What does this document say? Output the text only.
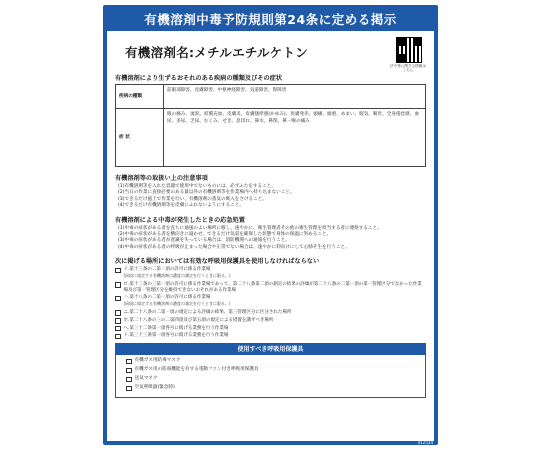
有機溶剤中毒予防規則第24条に定める掲示
有機溶剤名:メチルエチルケトン
法令等に関する情報はこちら
有機溶剤により生ずるおそれのある疾病の種類及びその症状
疾病の種類	前眼部障害、皮膚障害、中枢神経障害、気道障害、腎障害
症 状	眼の痛み、流涙、結膜充血、皮膚炎、皮膚搔痒感(かゆみ)、皮膚発赤、頭痛、頭重、めまい、眠気、嘔吐、全身倦怠感、血尿、多尿、乏尿、むくみ、せき、息切れ、鼻水、鼻閉、鼻・喉の痛み
有機溶剤等の取扱い上の注意事項
(1)有機溶剤等を入れた容器で使用中でないものには、必ずふたをすること。
(2)当日の作業に直接必要のある量以外の有機溶剤等を作業場内へ持ち込まないこと。
(3)できるだけ風上で作業を行い、有機溶剤の蒸気の吸入をさけること。
(4)できるだけ有機溶剤等を皮膚にふれないようにすること。
有機溶剤による中毒が発生したときの応急処置
(1)中毒の症状がある者を直ちに通風のよい場所に移し、速やかに、衛生管理者その他の衛生管理を担当する者に連絡すること。
(2)中毒の症状がある者を横向きに寝かせ、できるだけ気道を確保した状態で身体の保温に努めること。
(3)中毒の症状がある者が意識を失っている場合は、消防機関への通報を行うこと。
(4)中毒の症状がある者の呼吸が止まった場合や正常でない場合は、速やかに仰向けにして心肺そ生を行うこと。
次に掲げる場所においては有効な呼吸用保護具を使用しなければならない
イ.第十三条の二第一項の許可に係る作業場
(同項に規定する有機溶剤の濃度の測定を行うときに限る。)
ロ.第十三条の三第一項の許可に係る作業場であって、第二十八条第二項の測定の結果の評価が第二十八条の二第一項の第一管理区分でなかった作業場及び第一管理区分を維持できないおそれがある作業場
ハ.第十八条の二第一項の許可に係る作業場
(同項に規定する有機溶剤の濃度の測定を行うときに限る。)
ニ.第二十八条の二第一項の規定による評価の結果、第三管理区分に区分された場所
ホ.第二十八条の三の二第四項及び第五項の規定による措置を講ずべき場所
ヘ.第三十二条第一項各号に掲げる業務を行う作業場
ト.第三十三条第一項各号に掲げる業務を行う作業場
使用すべき呼吸用保護具
有機ガス用防毒マスク
有機ガス用の防毒機能を有する電動ファン付き呼吸用保護具
送気マスク
空気呼吸器(緊急時)
412534
